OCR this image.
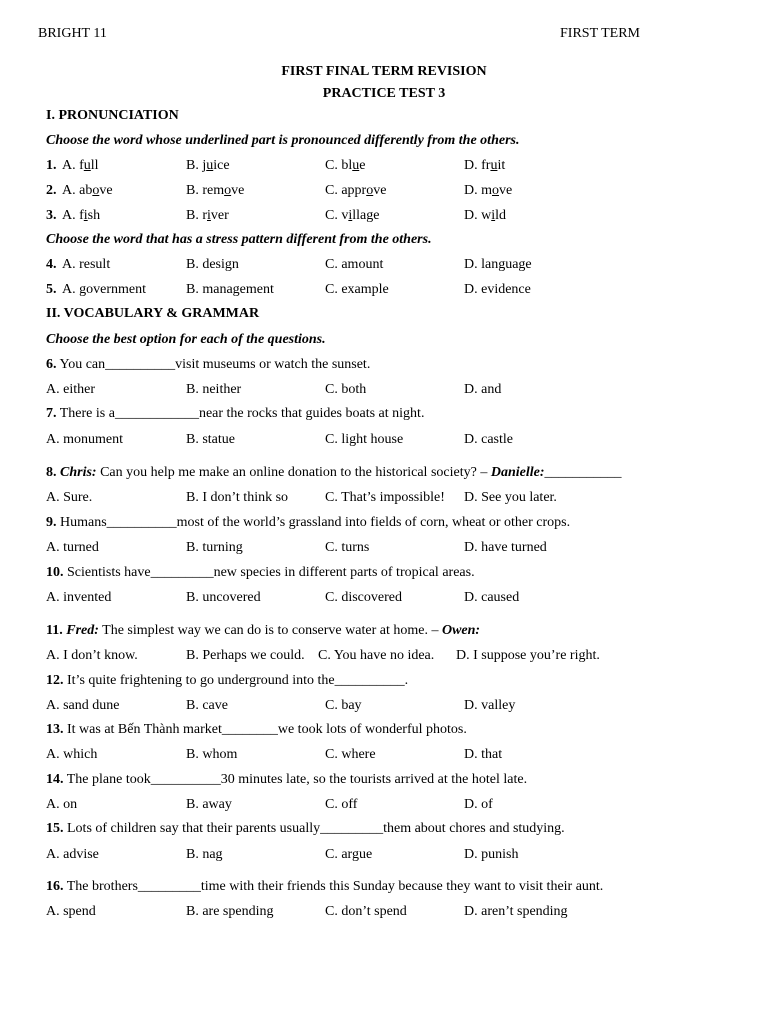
BRIGHT 11	FIRST TERM
FIRST FINAL TERM REVISION
PRACTICE TEST 3
I. PRONUNCIATION
Choose the word whose underlined part is pronounced differently from the others.
1. A. full	B. juice	C. blue	D. fruit
2. A. above	B. remove	C. approve	D. move
3. A. fish	B. river	C. village	D. wild
Choose the word that has a stress pattern different from the others.
4. A. result	B. design	C. amount	D. language
5. A. government	B. management	C. example	D. evidence
II. VOCABULARY & GRAMMAR
Choose the best option for each of the questions.
6. You can__________visit museums or watch the sunset.
A. either	B. neither	C. both	D. and
7. There is a____________near the rocks that guides boats at night.
A. monument	B. statue	C. light house	D. castle
8. Chris: Can you help me make an online donation to the historical society? – Danielle:___________
A. Sure.	B. I don’t think so	C. That’s impossible! D. See you later.
9. Humans__________most of the world’s grassland into fields of corn, wheat or other crops.
A. turned	B. turning	C. turns	D. have turned
10. Scientists have_________new species in different parts of tropical areas.
A. invented	B. uncovered	C. discovered	D. caused
11. Fred: The simplest way we can do is to conserve water at home. – Owen:
A. I don’t know.	B. Perhaps we could. C. You have no idea. D. I suppose you’re right.
12. It’s quite frightening to go underground into the__________.
A. sand dune	B. cave	C. bay	D. valley
13. It was at Bến Thành market________we took lots of wonderful photos.
A. which	B. whom	C. where	D. that
14. The plane took__________30 minutes late, so the tourists arrived at the hotel late.
A. on	B. away	C. off	D. of
15. Lots of children say that their parents usually_________them about chores and studying.
A. advise	B. nag	C. argue	D. punish
16. The brothers_________time with their friends this Sunday because they want to visit their aunt.
A. spend	B. are spending	C. don’t spend	D. aren’t spending
